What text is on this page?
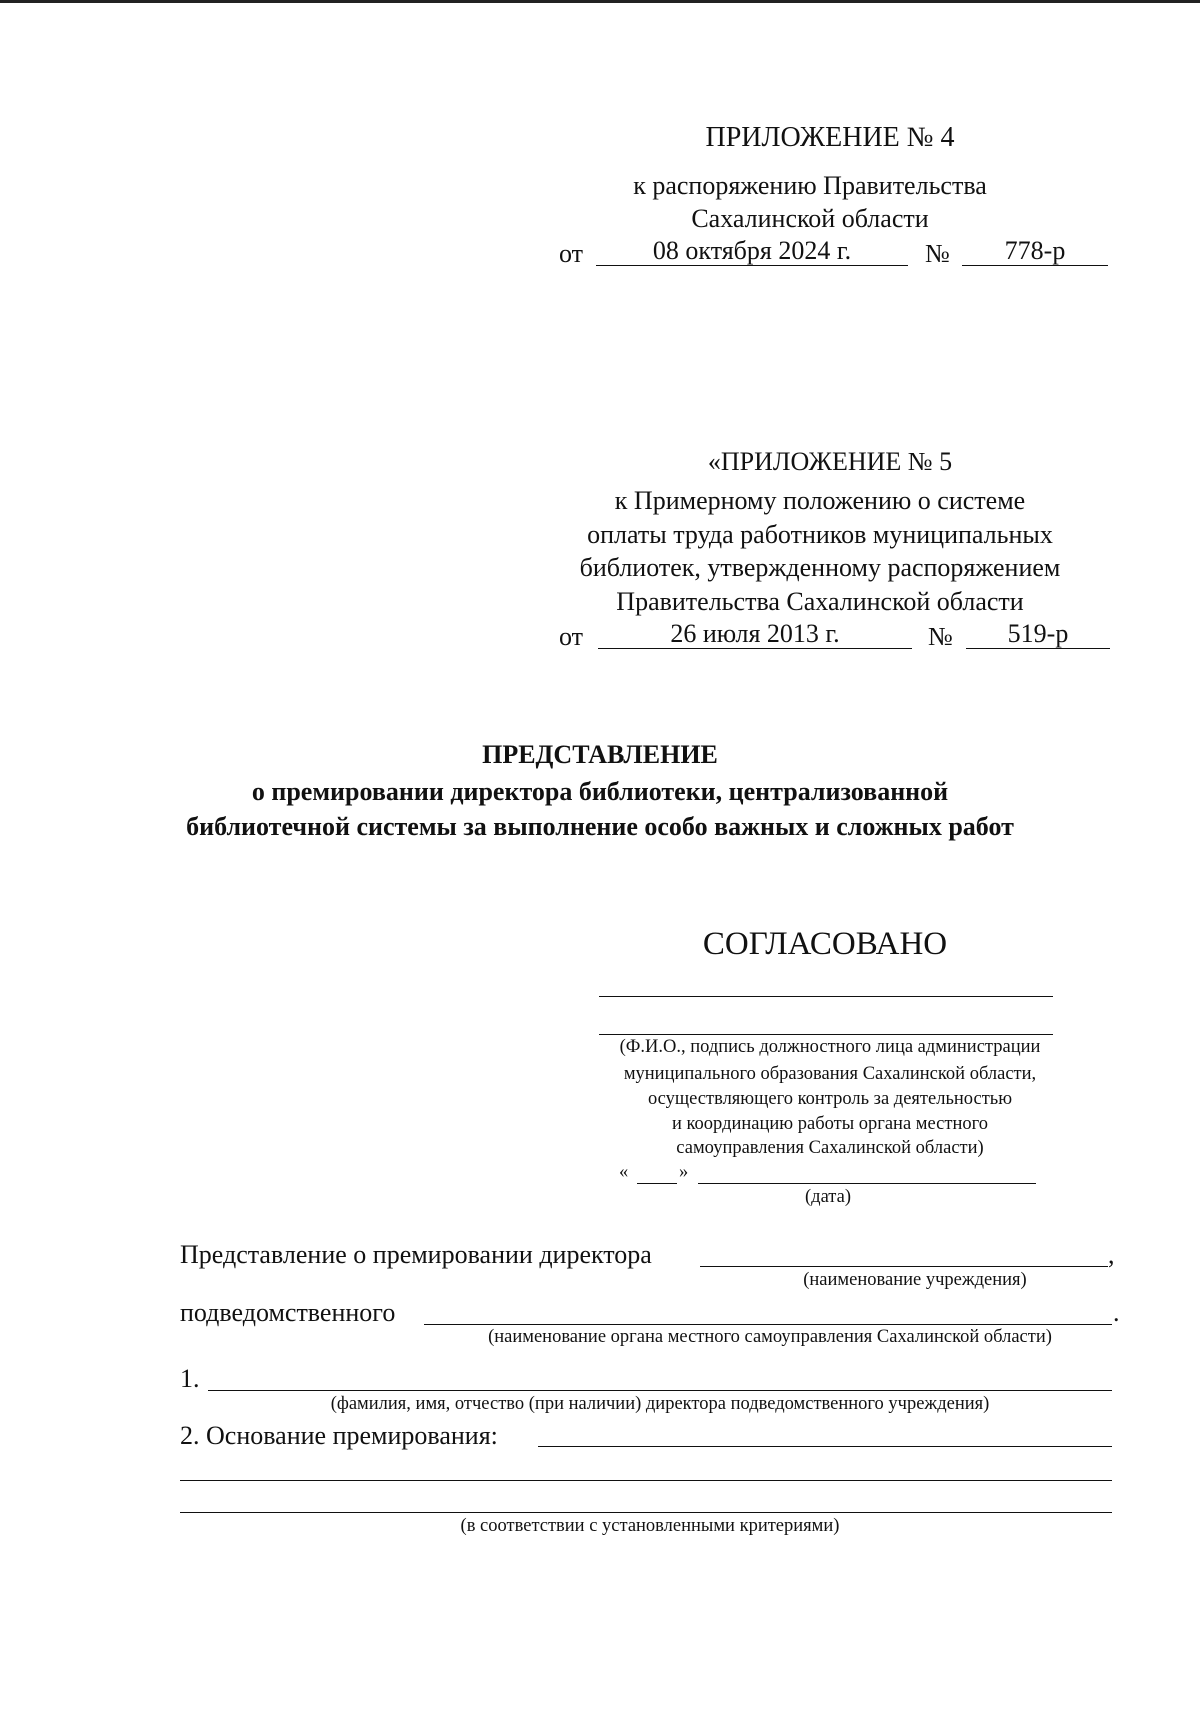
ПРИЛОЖЕНИЕ № 4
к распоряжению Правительства
Сахалинской области
от	08 октября 2024 г.	№	778-р
«ПРИЛОЖЕНИЕ № 5
к Примерному положению о системе
оплаты труда работников муниципальных
библиотек, утвержденному распоряжением
Правительства Сахалинской области
от	26 июля 2013 г.	№	519-р
ПРЕДСТАВЛЕНИЕ
о премировании директора библиотеки, централизованной
библиотечной системы за выполнение особо важных и сложных работ
СОГЛАСОВАНО
(Ф.И.О., подпись должностного лица администрации
муниципального образования Сахалинской области,
осуществляющего контроль за деятельностью
и координацию работы органа местного
самоуправления Сахалинской области)
«	»
(дата)
Представление о премировании директора	,
(наименование учреждения)
подведомственного	.
(наименование органа местного самоуправления Сахалинской области)
1.
(фамилия, имя, отчество (при наличии) директора подведомственного учреждения)
2. Основание премирования:
(в соответствии с установленными критериями)
